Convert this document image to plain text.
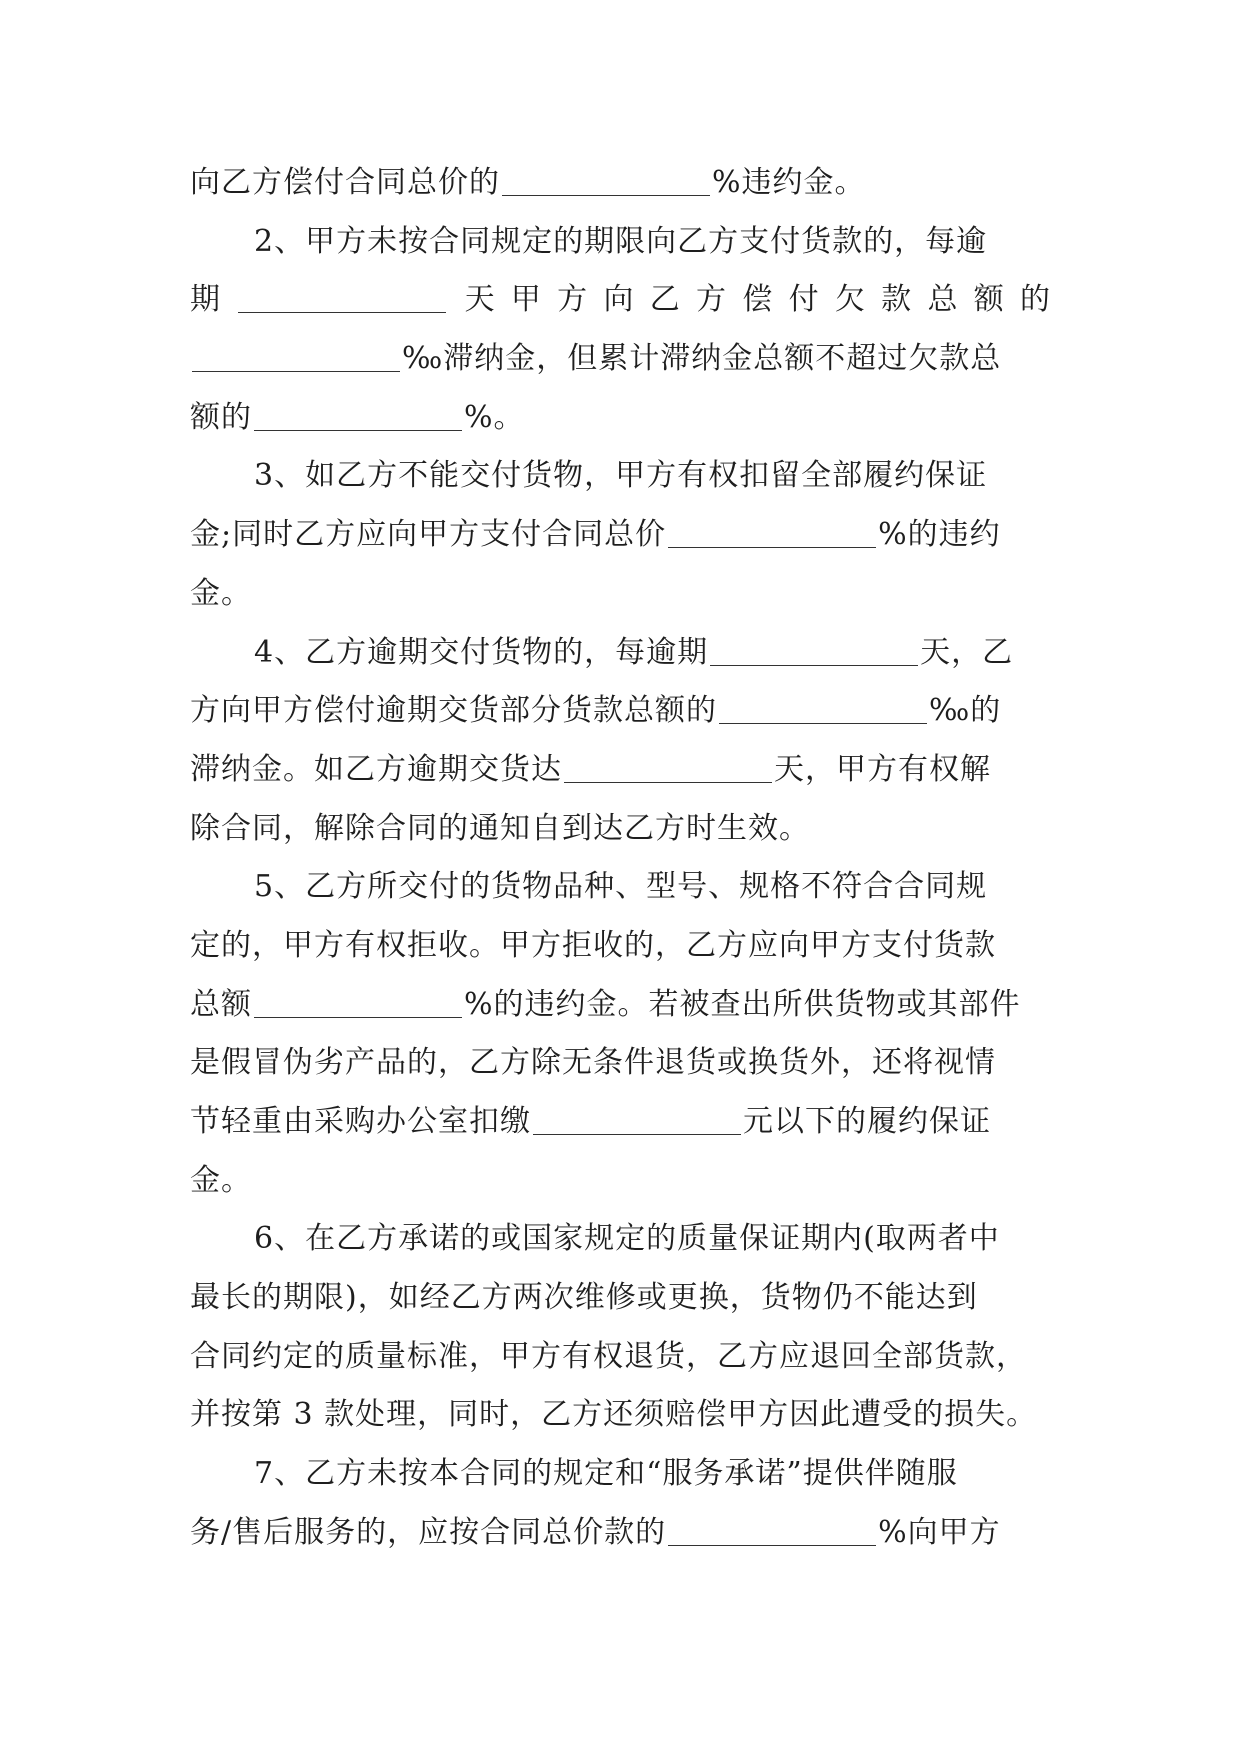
向乙方偿付合同总价的	%违约金。
2、甲方未按合同规定的期限向乙方支付货款的，每逾
期	天甲方向乙方偿付欠款总额的
‰滞纳金，但累计滞纳金总额不超过欠款总
额的	%。
3、如乙方不能交付货物，甲方有权扣留全部履约保证
金;同时乙方应向甲方支付合同总价	%的违约
金。
4、乙方逾期交付货物的，每逾期	天，乙
方向甲方偿付逾期交货部分货款总额的	‰的
滞纳金。如乙方逾期交货达	天，甲方有权解
除合同，解除合同的通知自到达乙方时生效。
5、乙方所交付的货物品种、型号、规格不符合合同规
定的，甲方有权拒收。甲方拒收的，乙方应向甲方支付货款
总额	%的违约金。若被查出所供货物或其部件
是假冒伪劣产品的，乙方除无条件退货或换货外，还将视情
节轻重由采购办公室扣缴	元以下的履约保证
金。
6、在乙方承诺的或国家规定的质量保证期内(取两者中
最长的期限)，如经乙方两次维修或更换，货物仍不能达到
合同约定的质量标准，甲方有权退货，乙方应退回全部货款，
并按第 3 款处理，同时，乙方还须赔偿甲方因此遭受的损失。
7、乙方未按本合同的规定和“服务承诺”提供伴随服
务/售后服务的，应按合同总价款的	%向甲方
